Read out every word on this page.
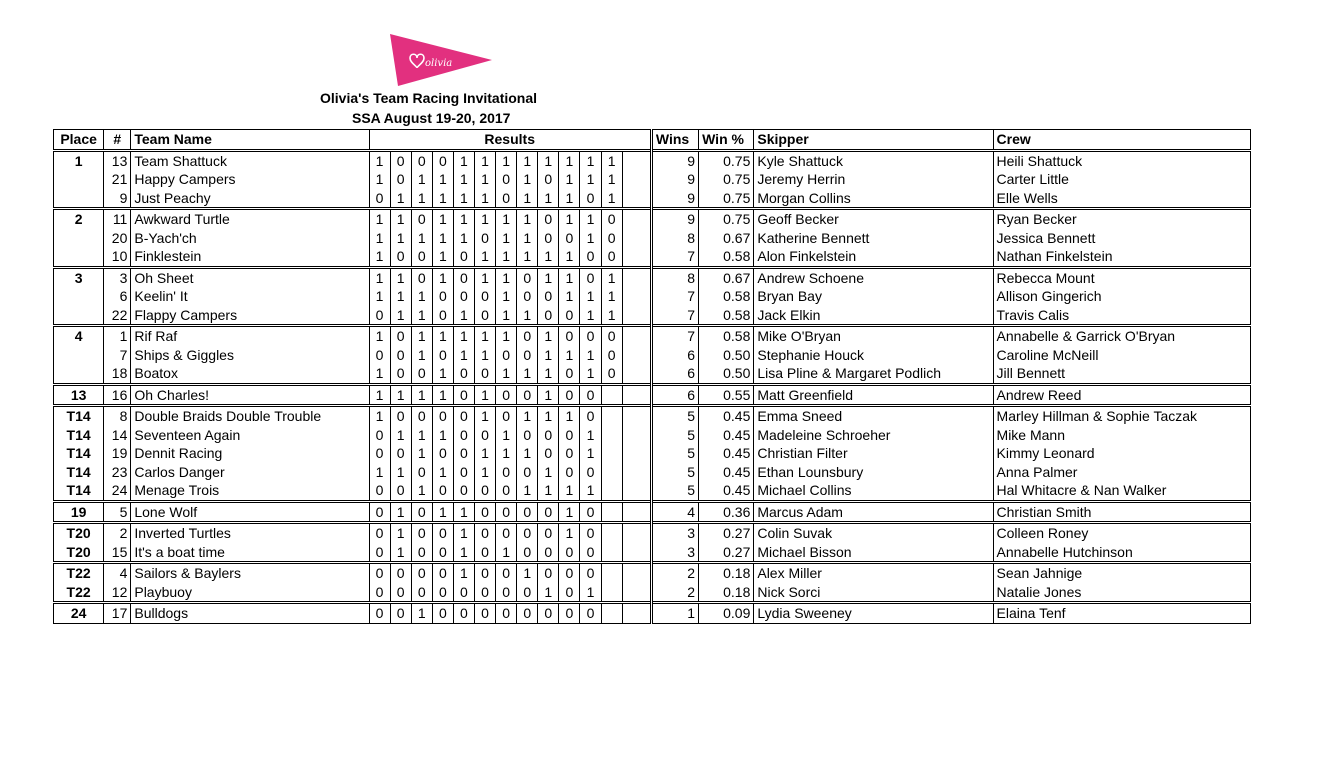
olivia
Olivia's Team Racing Invitational
SSA August 19-20, 2017
Place	#	Team Name	Results													Wins	Win %	Skipper	Crew
1	13	Team Shattuck	1	0	0	0	1	1	1	1	1	1	1	1		9	0.75	Kyle Shattuck	Heili Shattuck
	21	Happy Campers	1	0	1	1	1	1	0	1	0	1	1	1		9	0.75	Jeremy Herrin	Carter Little
	9	Just Peachy	0	1	1	1	1	1	0	1	1	1	0	1		9	0.75	Morgan Collins	Elle Wells
2	11	Awkward Turtle	1	1	0	1	1	1	1	1	0	1	1	0		9	0.75	Geoff Becker	Ryan Becker
	20	B-Yach'ch	1	1	1	1	1	0	1	1	0	0	1	0		8	0.67	Katherine Bennett	Jessica Bennett
	10	Finklestein	1	0	0	1	0	1	1	1	1	1	0	0		7	0.58	Alon Finkelstein	Nathan Finkelstein
3	3	Oh Sheet	1	1	0	1	0	1	1	0	1	1	0	1		8	0.67	Andrew Schoene	Rebecca Mount
	6	Keelin' It	1	1	1	0	0	0	1	0	0	1	1	1		7	0.58	Bryan Bay	Allison Gingerich
	22	Flappy Campers	0	1	1	0	1	0	1	1	0	0	1	1		7	0.58	Jack Elkin	Travis Calis
4	1	Rif Raf	1	0	1	1	1	1	1	0	1	0	0	0		7	0.58	Mike O'Bryan	Annabelle & Garrick O'Bryan
	7	Ships & Giggles	0	0	1	0	1	1	0	0	1	1	1	0		6	0.50	Stephanie Houck	Caroline McNeill
	18	Boatox	1	0	0	1	0	0	1	1	1	0	1	0		6	0.50	Lisa Pline & Margaret Podlich	Jill Bennett
13	16	Oh Charles!	1	1	1	1	0	1	0	0	1	0	0			6	0.55	Matt Greenfield	Andrew Reed
T14	8	Double Braids Double Trouble	1	0	0	0	0	1	0	1	1	1	0			5	0.45	Emma Sneed	Marley Hillman & Sophie Taczak
T14	14	Seventeen Again	0	1	1	1	0	0	1	0	0	0	1			5	0.45	Madeleine Schroeher	Mike Mann
T14	19	Dennit Racing	0	0	1	0	0	1	1	1	0	0	1			5	0.45	Christian Filter	Kimmy Leonard
T14	23	Carlos Danger	1	1	0	1	0	1	0	0	1	0	0			5	0.45	Ethan Lounsbury	Anna Palmer
T14	24	Menage Trois	0	0	1	0	0	0	0	1	1	1	1			5	0.45	Michael Collins	Hal Whitacre & Nan Walker
19	5	Lone Wolf	0	1	0	1	1	0	0	0	0	1	0			4	0.36	Marcus Adam	Christian Smith
T20	2	Inverted Turtles	0	1	0	0	1	0	0	0	0	1	0			3	0.27	Colin Suvak	Colleen Roney
T20	15	It's a boat time	0	1	0	0	1	0	1	0	0	0	0			3	0.27	Michael Bisson	Annabelle Hutchinson
T22	4	Sailors & Baylers	0	0	0	0	1	0	0	1	0	0	0			2	0.18	Alex Miller	Sean Jahnige
T22	12	Playbuoy	0	0	0	0	0	0	0	0	1	0	1			2	0.18	Nick Sorci	Natalie Jones
24	17	Bulldogs	0	0	1	0	0	0	0	0	0	0	0			1	0.09	Lydia Sweeney	Elaina Tenf
